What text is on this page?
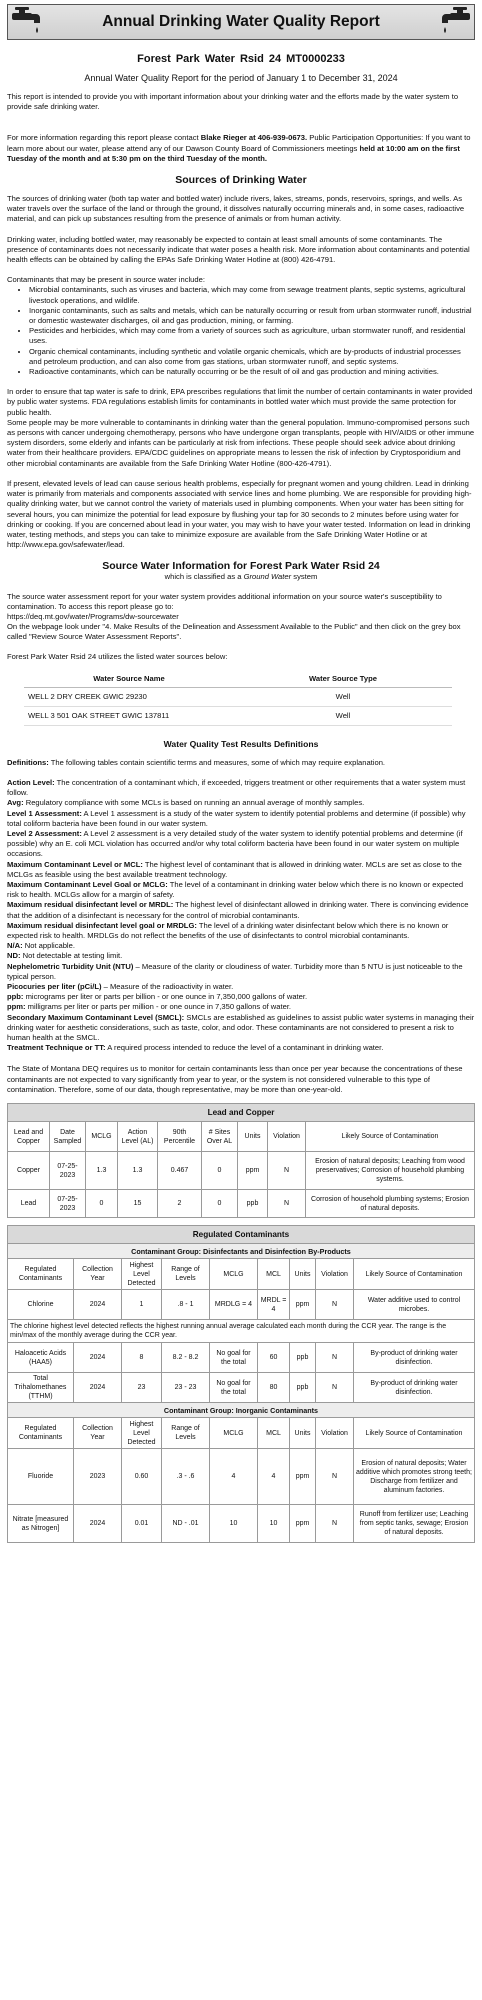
Annual Drinking Water Quality Report
Forest Park Water Rsid 24 MT0000233
Annual Water Quality Report for the period of January 1 to December 31, 2024

This report is intended to provide you with important information about your drinking water and the efforts made by the water system to provide safe drinking water.

For more information regarding this report please contact Blake Rieger at 406-939-0673. Public Participation Opportunities: If you want to learn more about our water, please attend any of our Dawson County Board of Commissioners meetings held at 10:00 am on the first Tuesday of the month and at 5:30 pm on the third Tuesday of the month.

Sources of Drinking Water

The sources of drinking water (both tap water and bottled water) include rivers, lakes, streams, ponds, reservoirs, springs, and wells. As water travels over the surface of the land or through the ground, it dissolves naturally occurring minerals and, in some cases, radioactive material, and can pick up substances resulting from the presence of animals or from human activity.

Drinking water, including bottled water, may reasonably be expected to contain at least small amounts of some contaminants. The presence of contaminants does not necessarily indicate that water poses a health risk. More information about contaminants and potential health effects can be obtained by calling the EPAs Safe Drinking Water Hotline at (800) 426-4791.

Contaminants that may be present in source water include:

• Microbial contaminants, such as viruses and bacteria, which may come from sewage treatment plants, septic systems, agricultural livestock operations, and wildlife.
• Inorganic contaminants, such as salts and metals, which can be naturally occurring or result from urban stormwater runoff, industrial or domestic wastewater discharges, oil and gas production, mining, or farming.
• Pesticides and herbicides, which may come from a variety of sources such as agriculture, urban stormwater runoff, and residential uses.
• Organic chemical contaminants, including synthetic and volatile organic chemicals, which are by-products of industrial processes and petroleum production, and can also come from gas stations, urban stormwater runoff, and septic systems.
• Radioactive contaminants, which can be naturally occurring or be the result of oil and gas production and mining activities.

In order to ensure that tap water is safe to drink, EPA prescribes regulations that limit the number of certain contaminants in water provided by public water systems. FDA regulations establish limits for contaminants in bottled water which must provide the same protection for public health.

Some people may be more vulnerable to contaminants in drinking water than the general population. Immuno-compromised persons such as persons with cancer undergoing chemotherapy, persons who have undergone organ transplants, people with HIV/AIDS or other immune system disorders, some elderly and infants can be particularly at risk from infections. These people should seek advice about drinking water from their healthcare providers. EPA/CDC guidelines on appropriate means to lessen the risk of infection by Cryptosporidium and other microbial contaminants are available from the Safe Drinking Water Hotline (800-426-4791).

If present, elevated levels of lead can cause serious health problems, especially for pregnant women and young children. Lead in drinking water is primarily from materials and components associated with service lines and home plumbing. We are responsible for providing high-quality drinking water, but we cannot control the variety of materials used in plumbing components. When your water has been sitting for several hours, you can minimize the potential for lead exposure by flushing your tap for 30 seconds to 2 minutes before using water for drinking or cooking. If you are concerned about lead in your water, you may wish to have your water tested. Information on lead in drinking water, testing methods, and steps you can take to minimize exposure are available from the Safe Drinking Water Hotline or at http://www.epa.gov/safewater/lead.

Source Water Information for Forest Park Water Rsid 24

which is classified as a Ground Water system

The source water assessment report for your water system provides additional information on your source water's susceptibility to contamination. To access this report please go to:
https://deq.mt.gov/water/Programs/dw-sourcewater
On the webpage look under "4. Make Results of the Delineation and Assessment Available to the Public" and then click on the grey box called "Review Source Water Assessment Reports".

Forest Park Water Rsid 24 utilizes the listed water sources below:

Water Source Name	Water Source Type
WELL 2 DRY CREEK GWIC 29230	Well
WELL 3 501 OAK STREET GWIC 137811	Well
Water Quality Test Results Definitions

Definitions: The following tables contain scientific terms and measures, some of which may require explanation.

Action Level: The concentration of a contaminant which, if exceeded, triggers treatment or other requirements that a water system must follow.

Avg: Regulatory compliance with some MCLs is based on running an annual average of monthly samples.

Level 1 Assessment: A Level 1 assessment is a study of the water system to identify potential problems and determine (if possible) why total coliform bacteria have been found in our water system.

Level 2 Assessment: A Level 2 assessment is a very detailed study of the water system to identify potential problems and determine (if possible) why an E. coli MCL violation has occurred and/or why total coliform bacteria have been found in our water system on multiple occasions.

Maximum Contaminant Level or MCL: The highest level of contaminant that is allowed in drinking water. MCLs are set as close to the MCLGs as feasible using the best available treatment technology.

Maximum Contaminant Level Goal or MCLG: The level of a contaminant in drinking water below which there is no known or expected risk to health. MCLGs allow for a margin of safety.

Maximum residual disinfectant level or MRDL: The highest level of disinfectant allowed in drinking water. There is convincing evidence that the addition of a disinfectant is necessary for the control of microbial contaminants.

Maximum residual disinfectant level goal or MRDLG: The level of a drinking water disinfectant below which there is no known or expected risk to health. MRDLGs do not reflect the benefits of the use of disinfectants to control microbial contaminants.

N/A: Not applicable.

ND: Not detectable at testing limit.

Nephelometric Turbidity Unit (NTU) – Measure of the clarity or cloudiness of water. Turbidity more than 5 NTU is just noticeable to the typical person.

Picocuries per liter (pCi/L) – Measure of the radioactivity in water.

ppb: micrograms per liter or parts per billion - or one ounce in 7,350,000 gallons of water.

ppm: milligrams per liter or parts per million - or one ounce in 7,350 gallons of water.

Secondary Maximum Contaminant Level (SMCL): SMCLs are established as guidelines to assist public water systems in managing their drinking water for aesthetic considerations, such as taste, color, and odor. These contaminants are not considered to present a risk to human health at the SMCL.

Treatment Technique or TT: A required process intended to reduce the level of a contaminant in drinking water.

The State of Montana DEQ requires us to monitor for certain contaminants less than once per year because the concentrations of these contaminants are not expected to vary significantly from year to year, or the system is not considered vulnerable to this type of contamination. Therefore, some of our data, though representative, may be more than one-year-old.

Lead and Copper								
Lead and Copper	Date Sampled	MCLG	Action Level (AL)	90th Percentile	# Sites Over AL	Units	Violation	Likely Source of Contamination
Copper	07-25-2023	1.3	1.3	0.467	0	ppm	N	Erosion of natural deposits; Leaching from wood preservatives; Corrosion of household plumbing systems.
Lead	07-25-2023	0	15	2	0	ppb	N	Corrosion of household plumbing systems; Erosion of natural deposits.
Regulated Contaminants								
Contaminant Group: Disinfectants and Disinfection By-Products								
Regulated Contaminants	Collection Year	Highest Level Detected	Range of Levels	MCLG	MCL	Units	Violation	Likely Source of Contamination
Chlorine	2024	1	.8 - 1	MRDLG = 4	MRDL = 4	ppm	N	Water additive used to control microbes.
The chlorine highest level detected reflects the highest running annual average calculated each month during the CCR year. The range is the min/max of the monthly average during the CCR year.								
Haloacetic Acids (HAA5)	2024	8	8.2 - 8.2	No goal for the total	60	ppb	N	By-product of drinking water disinfection.
Total Trihalomethanes (TTHM)	2024	23	23 - 23	No goal for the total	80	ppb	N	By-product of drinking water disinfection.
Contaminant Group: Inorganic Contaminants								
Regulated Contaminants	Collection Year	Highest Level Detected	Range of Levels	MCLG	MCL	Units	Violation	Likely Source of Contamination
Fluoride	2023	0.60	.3 - .6	4	4	ppm	N	Erosion of natural deposits; Water additive which promotes strong teeth; Discharge from fertilizer and aluminum factories.
Nitrate [measured as Nitrogen]	2024	0.01	ND - .01	10	10	ppm	N	Runoff from fertilizer use; Leaching from septic tanks, sewage; Erosion of natural deposits.
